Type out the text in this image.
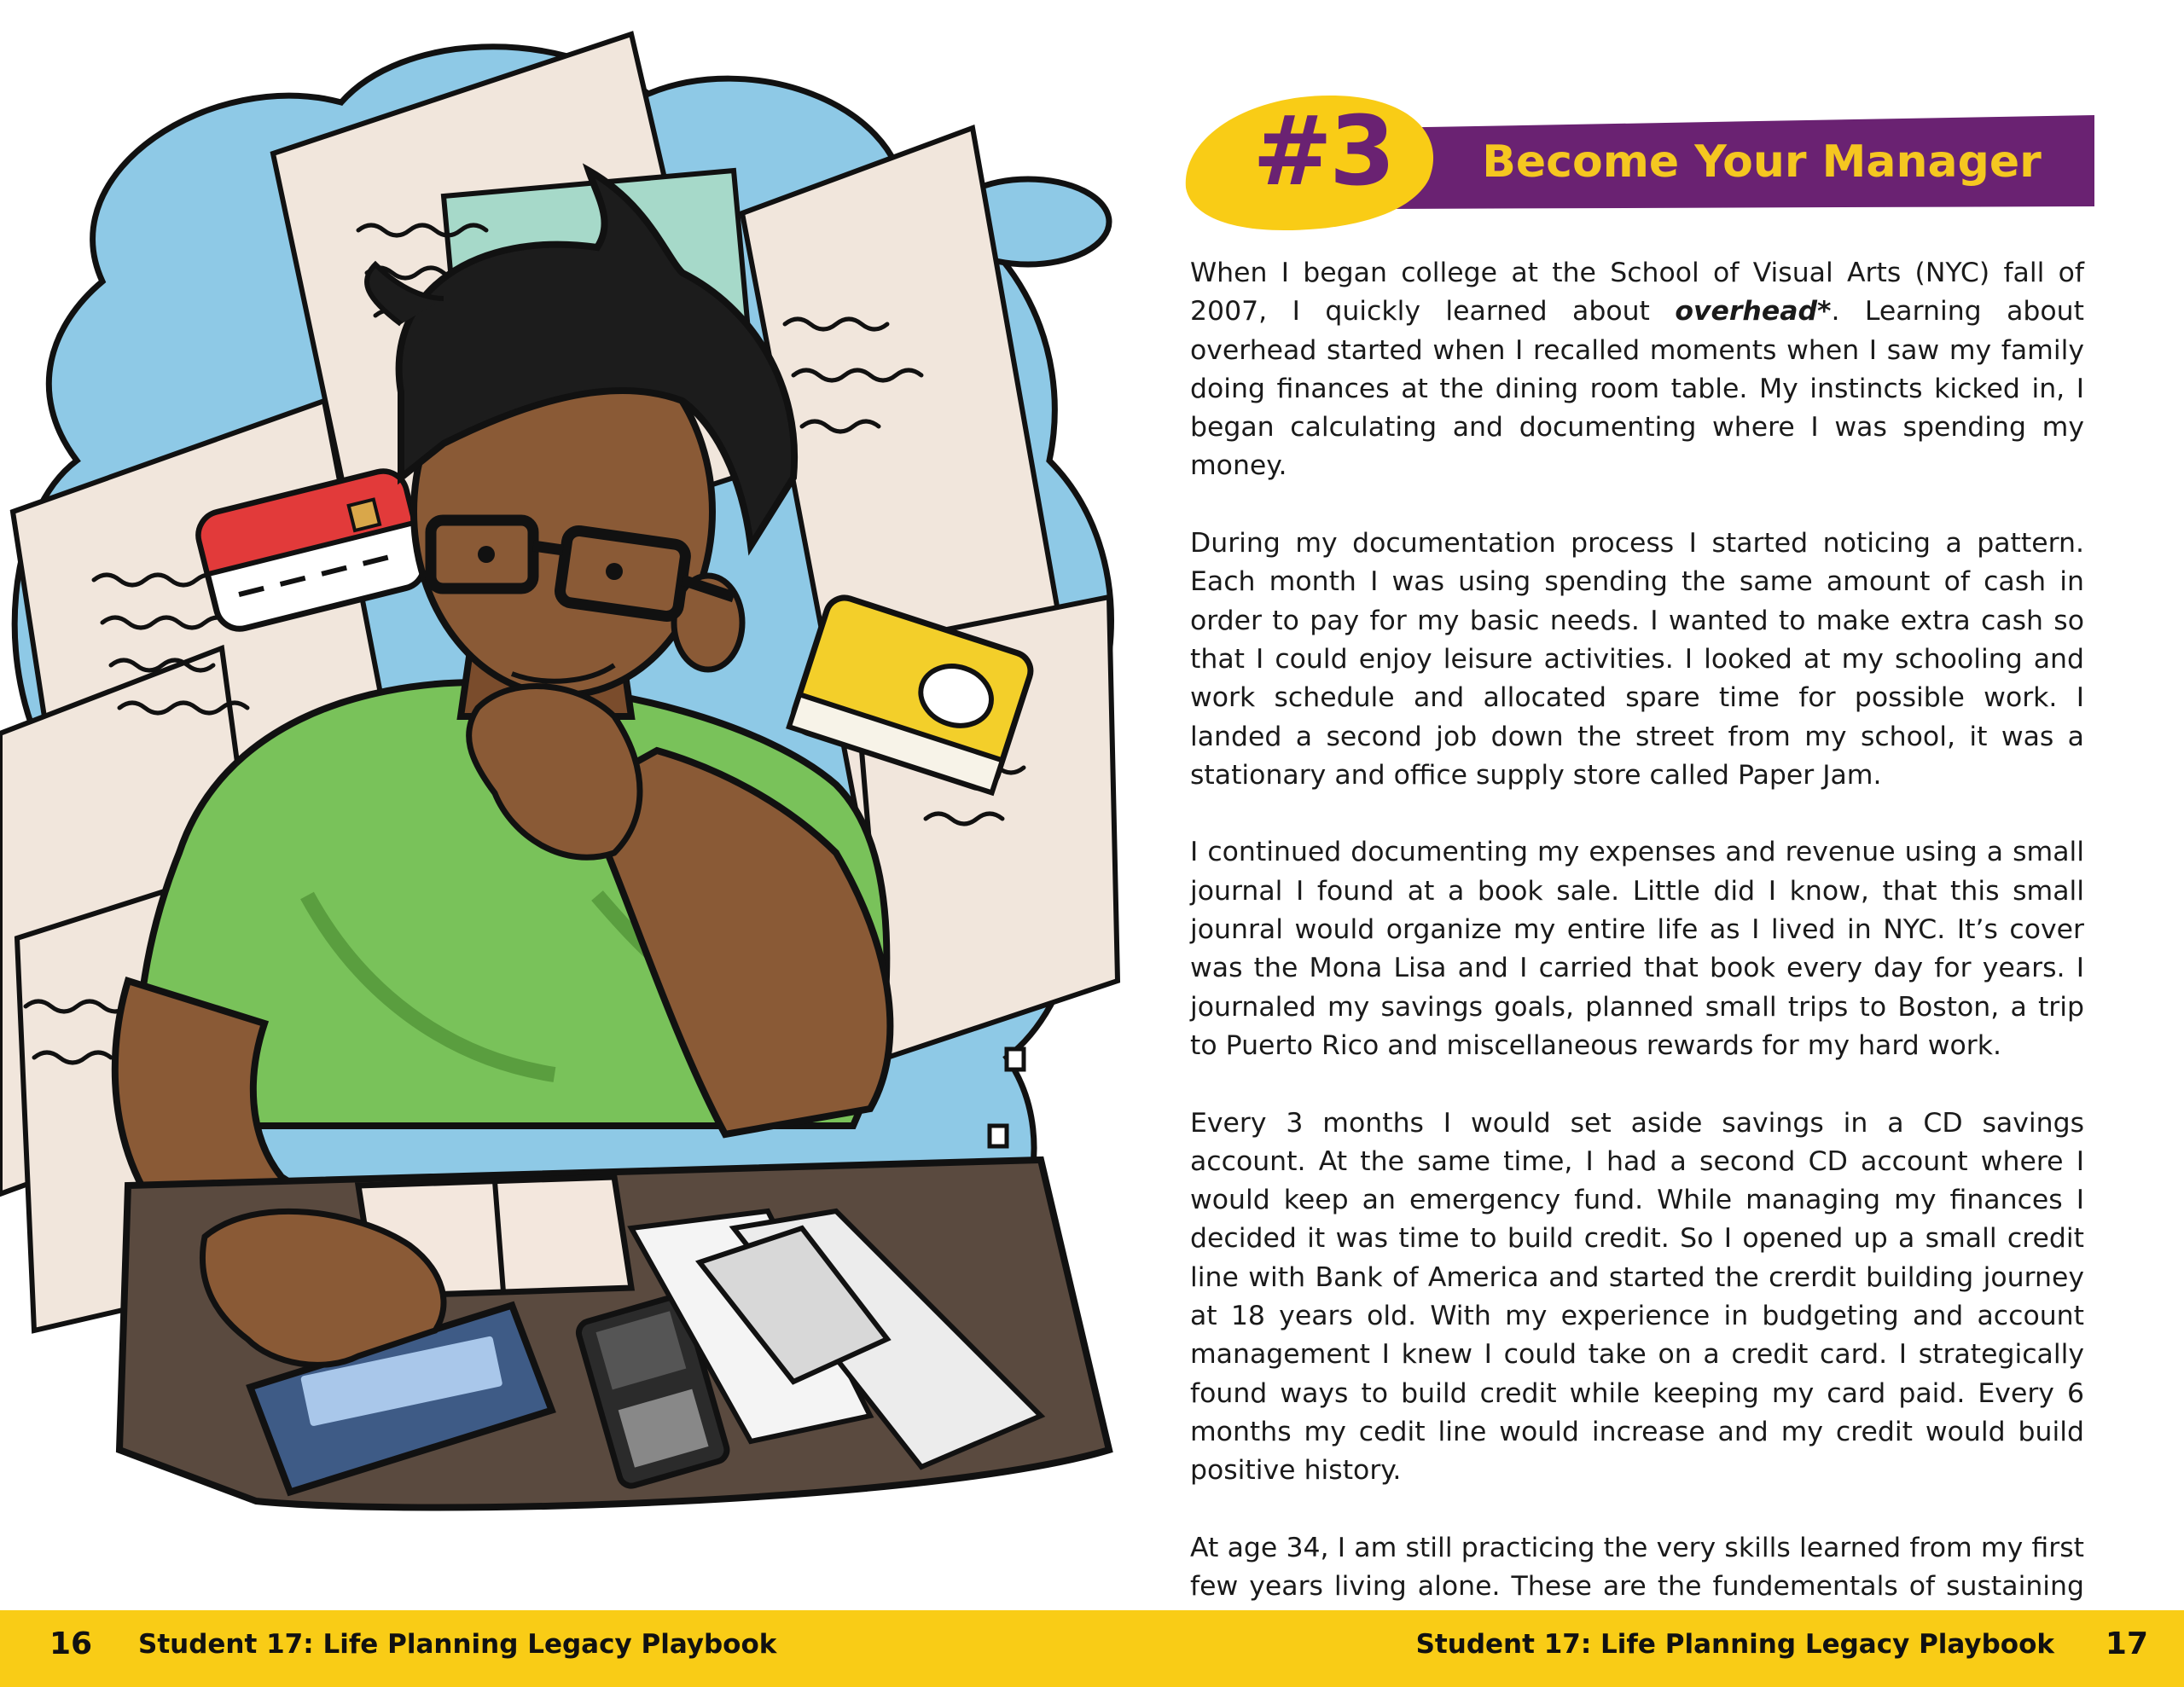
#3	Become Your Manager

When I began college at the School of Visual Arts (NYC) fall of 2007, I quickly learned about overhead*. Learning about overhead started when I recalled moments when I saw my family doing finances at the dining room table. My instincts kicked in, I began calculating and documenting where I was spending my money.

During my documentation process I started noticing a pattern. Each month I was using spending the same amount of cash in order to pay for my basic needs. I wanted to make extra cash so that I could enjoy leisure activities. I looked at my schooling and work schedule and allocated spare time for possible work. I landed a second job down the street from my school, it was a stationary and office supply store called Paper Jam.

I continued documenting my expenses and revenue using a small journal I found at a book sale. Little did I know, that this small jounral would organize my entire life as I lived in NYC. It’s cover was the Mona Lisa and I carried that book every day for years. I journaled my savings goals, planned small trips to Boston, a trip to Puerto Rico and miscellaneous rewards for my hard work.

Every 3 months I would set aside savings in a CD savings account. At the same time, I had a second CD account where I would keep an emergency fund. While managing my finances I decided it was time to build credit. So I opened up a small credit line with Bank of America and started the crerdit building journey at 18 years old. With my experience in budgeting and account management I knew I could take on a credit card. I strategically found ways to build credit while keeping my card paid. Every 6 months my cedit line would increase and my credit would build positive history.

At age 34, I am still practicing the very skills learned from my first few years living alone. These are the fundementals of sustaining

16 Student 17: Life Planning Legacy Playbook	Student 17: Life Planning Legacy Playbook 17
